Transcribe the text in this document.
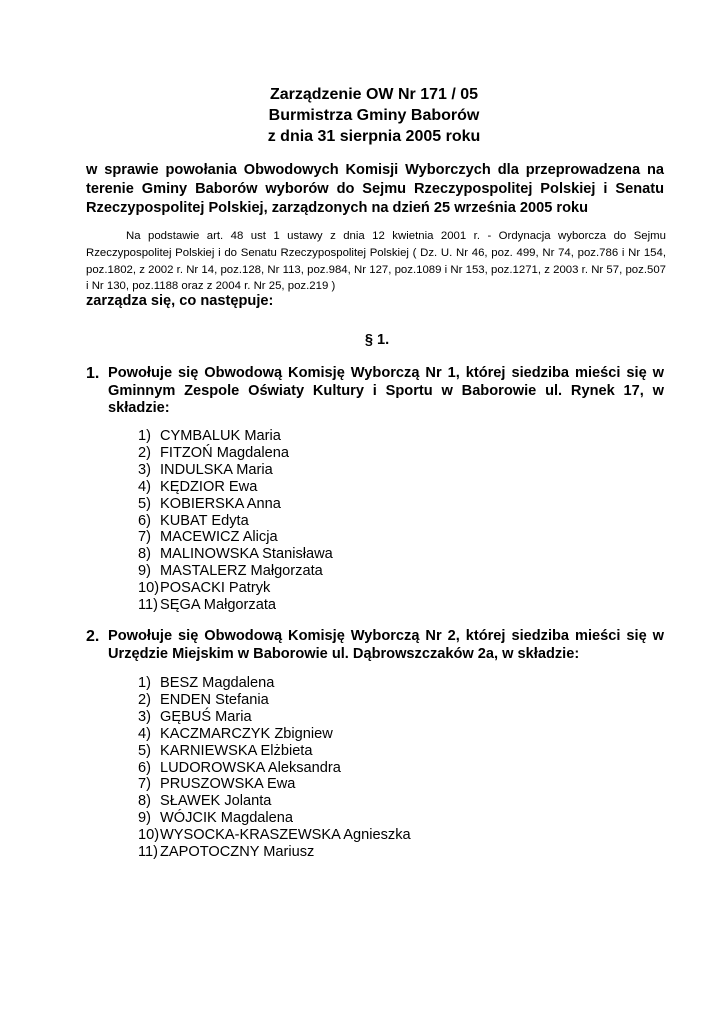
Zarządzenie OW Nr 171 / 05
Burmistrza Gminy Baborów
z dnia 31 sierpnia 2005 roku
w sprawie powołania Obwodowych Komisji Wyborczych dla przeprowadzena na terenie Gminy Baborów wyborów do Sejmu Rzeczypospolitej Polskiej i Senatu Rzeczypospolitej Polskiej, zarządzonych na dzień 25 września 2005 roku
Na podstawie art. 48 ust 1 ustawy z dnia 12 kwietnia 2001 r. - Ordynacja wyborcza do Sejmu Rzeczypospolitej Polskiej i do Senatu Rzeczypospolitej Polskiej ( Dz. U. Nr 46, poz. 499, Nr 74, poz.786 i Nr 154, poz.1802, z 2002 r. Nr 14, poz.128, Nr 113, poz.984, Nr 127, poz.1089 i Nr 153, poz.1271, z 2003 r. Nr 57, poz.507 i Nr 130, poz.1188 oraz z 2004 r. Nr 25, poz.219 )
zarządza się, co następuje:
§ 1.
1. Powołuje się Obwodową Komisję Wyborczą Nr 1, której siedziba mieści się w Gminnym Zespole Oświaty Kultury i Sportu w Baborowie ul. Rynek 17, w składzie:
1) CYMBALUK Maria
2) FITZOŃ Magdalena
3) INDULSKA Maria
4) KĘDZIOR Ewa
5) KOBIERSKA Anna
6) KUBAT Edyta
7) MACEWICZ Alicja
8) MALINOWSKA Stanisława
9) MASTALERZ Małgorzata
10)POSACKI Patryk
11) SĘGA Małgorzata
2. Powołuje się Obwodową Komisję Wyborczą Nr 2, której siedziba mieści się w Urzędzie Miejskim w Baborowie ul. Dąbrowszczaków 2a, w składzie:
1) BESZ Magdalena
2) ENDEN Stefania
3) GĘBUŚ Maria
4) KACZMARCZYK Zbigniew
5) KARNIEWSKA Elżbieta
6) LUDOROWSKA Aleksandra
7) PRUSZOWSKA Ewa
8) SŁAWEK Jolanta
9) WÓJCIK Magdalena
10)WYSOCKA-KRASZEWSKA Agnieszka
11) ZAPOTOCZNY Mariusz
